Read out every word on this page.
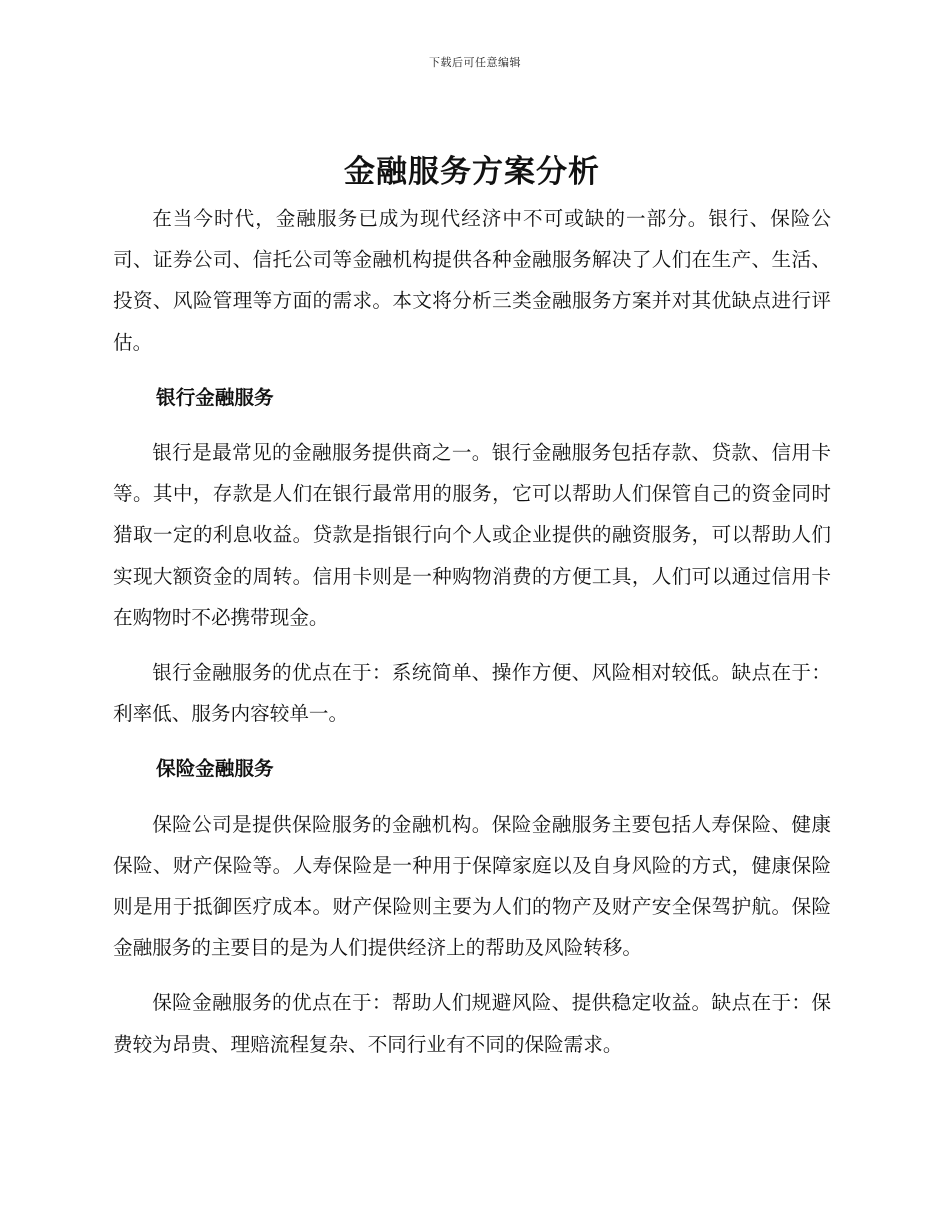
下载后可任意编辑
金融服务方案分析

在当今时代，金融服务已成为现代经济中不可或缺的一部分。银行、保险公司、证券公司、信托公司等金融机构提供各种金融服务解决了人们在生产、生活、投资、风险管理等方面的需求。本文将分析三类金融服务方案并对其优缺点进行评估。

银行金融服务

银行是最常见的金融服务提供商之一。银行金融服务包括存款、贷款、信用卡等。其中，存款是人们在银行最常用的服务，它可以帮助人们保管自己的资金同时猎取一定的利息收益。贷款是指银行向个人或企业提供的融资服务，可以帮助人们实现大额资金的周转。信用卡则是一种购物消费的方便工具，人们可以通过信用卡在购物时不必携带现金。

银行金融服务的优点在于：系统简单、操作方便、风险相对较低。缺点在于：利率低、服务内容较单一。

保险金融服务

保险公司是提供保险服务的金融机构。保险金融服务主要包括人寿保险、健康保险、财产保险等。人寿保险是一种用于保障家庭以及自身风险的方式，健康保险则是用于抵御医疗成本。财产保险则主要为人们的物产及财产安全保驾护航。保险金融服务的主要目的是为人们提供经济上的帮助及风险转移。

保险金融服务的优点在于：帮助人们规避风险、提供稳定收益。缺点在于：保费较为昂贵、理赔流程复杂、不同行业有不同的保险需求。
